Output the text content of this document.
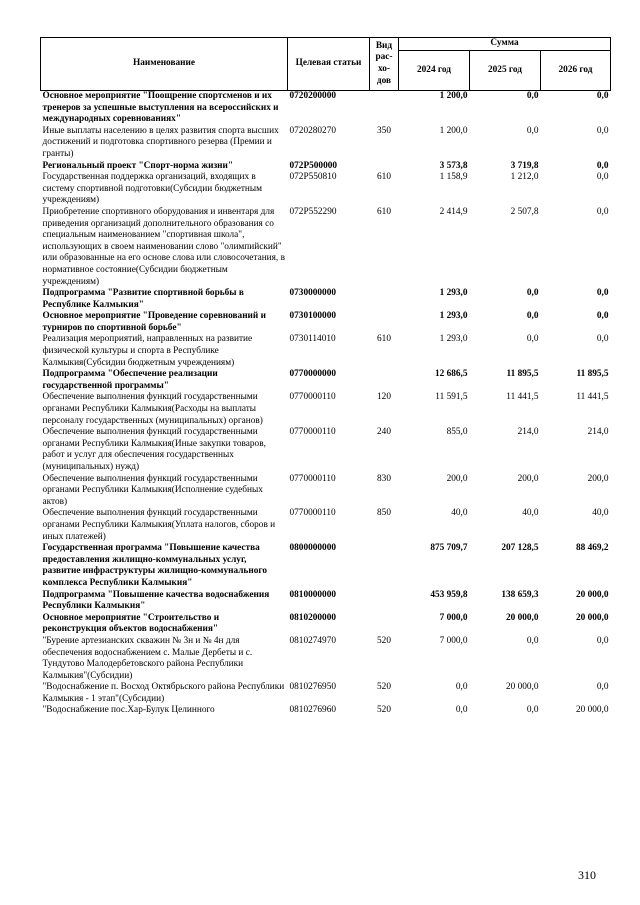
Наименование	Целевая статьи	Вид рас-хо-дов	Сумма		
			2024 год	2025 год	2026 год
Основное мероприятие "Поощрение спортсменов и их тренеров за успешные выступления на всероссийских и международных соревнованиях"	0720200000		1 200,0	0,0	0,0
Иные выплаты населению в целях развития спорта высших достижений и подготовка спортивного резерва (Премии и гранты)	0720280270	350	1 200,0	0,0	0,0
Региональный проект "Спорт-норма жизни"	072P500000		3 573,8	3 719,8	0,0
Государственная поддержка организаций, входящих в систему спортивной подготовки(Субсидии бюджетным учреждениям)	072P550810	610	1 158,9	1 212,0	0,0
Приобретение спортивного оборудования и инвентаря для приведения организаций дополнительного образования со специальным наименованием "спортивная школа", использующих в своем наименовании слово "олимпийский" или образованные на его основе слова или словосочетания, в нормативное состояние(Субсидии бюджетным учреждениям)	072P552290	610	2 414,9	2 507,8	0,0
Подпрограмма "Развитие спортивной борьбы в Республике Калмыкия"	0730000000		1 293,0	0,0	0,0
Основное мероприятие "Проведение соревнований и турниров по спортивной борьбе"	0730100000		1 293,0	0,0	0,0
Реализация мероприятий, направленных на развитие физической культуры и спорта в Республике Калмыкия(Субсидии бюджетным учреждениям)	0730114010	610	1 293,0	0,0	0,0
Подпрограмма "Обеспечение реализации государственной программы"	0770000000		12 686,5	11 895,5	11 895,5
Обеспечение выполнения функций государственными органами Республики Калмыкия(Расходы на выплаты персоналу государственных (муниципальных) органов)	0770000110	120	11 591,5	11 441,5	11 441,5
Обеспечение выполнения функций государственными органами Республики Калмыкия(Иные закупки товаров, работ и услуг для обеспечения государственных (муниципальных) нужд)	0770000110	240	855,0	214,0	214,0
Обеспечение выполнения функций государственными органами Республики Калмыкия(Исполнение судебных актов)	0770000110	830	200,0	200,0	200,0
Обеспечение выполнения функций государственными органами Республики Калмыкия(Уплата налогов, сборов и иных платежей)	0770000110	850	40,0	40,0	40,0
Государственная программа "Повышение качества предоставления жилищно-коммунальных услуг, развитие инфраструктуры жилищно-коммунального комплекса Республики Калмыкия"	0800000000		875 709,7	207 128,5	88 469,2
Подпрограмма "Повышение качества водоснабжения Республики Калмыкия"	0810000000		453 959,8	138 659,3	20 000,0
Основное мероприятие "Строительство и реконструкция объектов водоснабжения"	0810200000		7 000,0	20 000,0	20 000,0
"Бурение артезианских скважин № 3н и № 4н для обеспечения водоснабжением с. Малые Дербеты и с. Тундутово Малодербетовского района Республики Калмыкия"(Субсидии)	0810274970	520	7 000,0	0,0	0,0
"Водоснабжение п. Восход Октябрьского района Республики Калмыкия - 1 этап"(Субсидии)	0810276950	520	0,0	20 000,0	0,0
"Водоснабжение пос.Хар-Булук Целинного	0810276960	520	0,0	0,0	20 000,0
310
